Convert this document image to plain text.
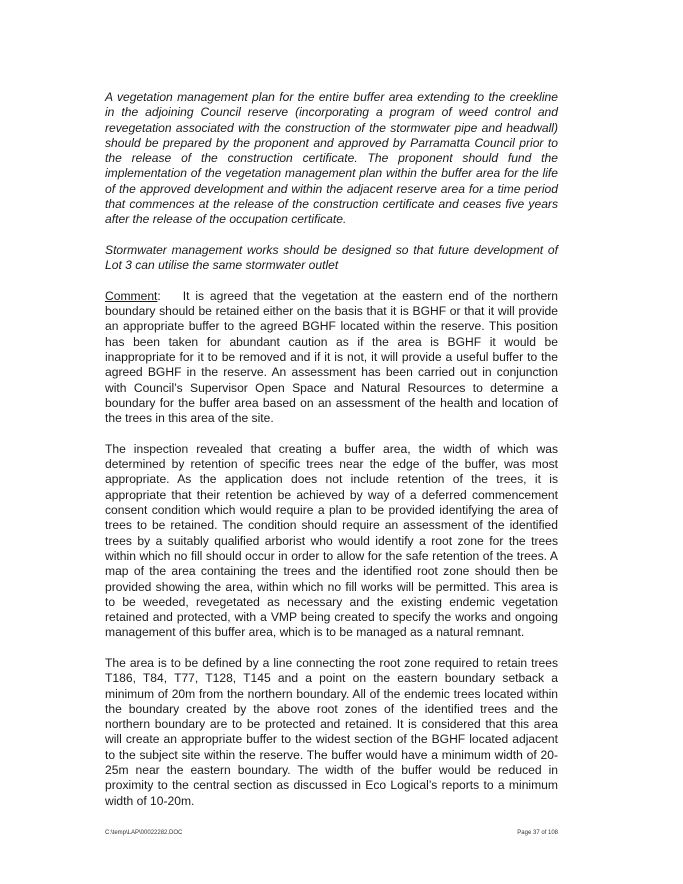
A vegetation management plan for the entire buffer area extending to the creekline in the adjoining Council reserve (incorporating a program of weed control and revegetation associated with the construction of the stormwater pipe and headwall) should be prepared by the proponent and approved by Parramatta Council prior to the release of the construction certificate. The proponent should fund the implementation of the vegetation management plan within the buffer area for the life of the approved development and within the adjacent reserve area for a time period that commences at the release of the construction certificate and ceases five years after the release of the occupation certificate.

Stormwater management works should be designed so that future development of Lot 3 can utilise the same stormwater outlet

Comment: It is agreed that the vegetation at the eastern end of the northern boundary should be retained either on the basis that it is BGHF or that it will provide an appropriate buffer to the agreed BGHF located within the reserve. This position has been taken for abundant caution as if the area is BGHF it would be inappropriate for it to be removed and if it is not, it will provide a useful buffer to the agreed BGHF in the reserve. An assessment has been carried out in conjunction with Council’s Supervisor Open Space and Natural Resources to determine a boundary for the buffer area based on an assessment of the health and location of the trees in this area of the site.

The inspection revealed that creating a buffer area, the width of which was determined by retention of specific trees near the edge of the buffer, was most appropriate. As the application does not include retention of the trees, it is appropriate that their retention be achieved by way of a deferred commencement consent condition which would require a plan to be provided identifying the area of trees to be retained. The condition should require an assessment of the identified trees by a suitably qualified arborist who would identify a root zone for the trees within which no fill should occur in order to allow for the safe retention of the trees. A map of the area containing the trees and the identified root zone should then be provided showing the area, within which no fill works will be permitted. This area is to be weeded, revegetated as necessary and the existing endemic vegetation retained and protected, with a VMP being created to specify the works and ongoing management of this buffer area, which is to be managed as a natural remnant.

The area is to be defined by a line connecting the root zone required to retain trees T186, T84, T77, T128, T145 and a point on the eastern boundary setback a minimum of 20m from the northern boundary. All of the endemic trees located within the boundary created by the above root zones of the identified trees and the northern boundary are to be protected and retained. It is considered that this area will create an appropriate buffer to the widest section of the BGHF located adjacent to the subject site within the reserve. The buffer would have a minimum width of 20-25m near the eastern boundary. The width of the buffer would be reduced in proximity to the central section as discussed in Eco Logical’s reports to a minimum width of 10-20m.

C:\temp\LAP\00022282.DOC	Page 37 of 108
